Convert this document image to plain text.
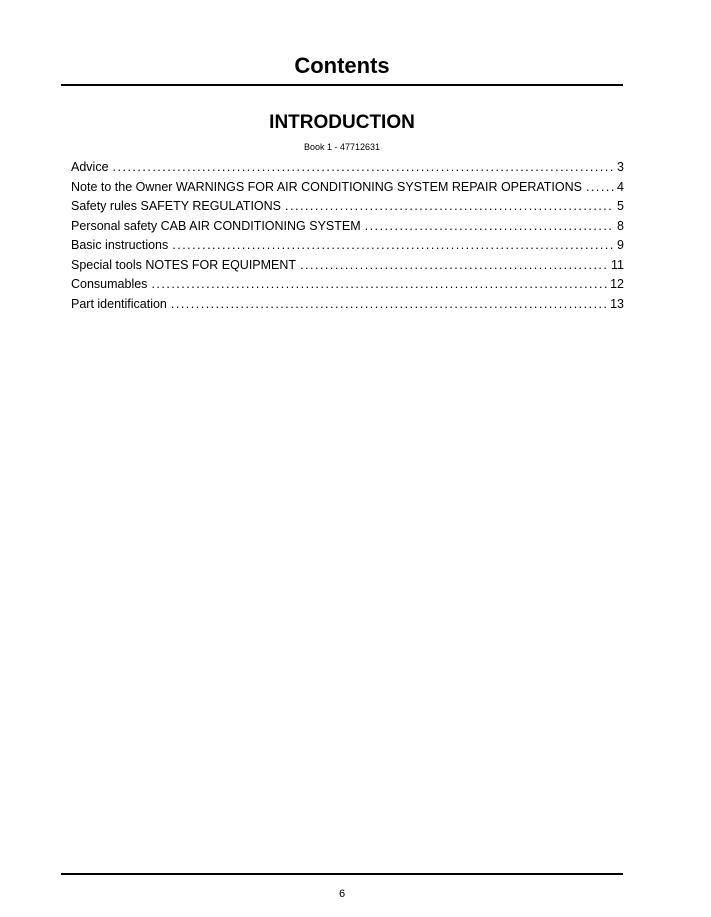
Contents
INTRODUCTION
Book 1 - 47712631
Advice .....	3
Note to the Owner WARNINGS FOR AIR CONDITIONING SYSTEM REPAIR OPERATIONS .....	4
Safety rules SAFETY REGULATIONS .....	5
Personal safety CAB AIR CONDITIONING SYSTEM .....	8
Basic instructions .....	9
Special tools NOTES FOR EQUIPMENT .....	11
Consumables .....	12
Part identification .....	13
6
